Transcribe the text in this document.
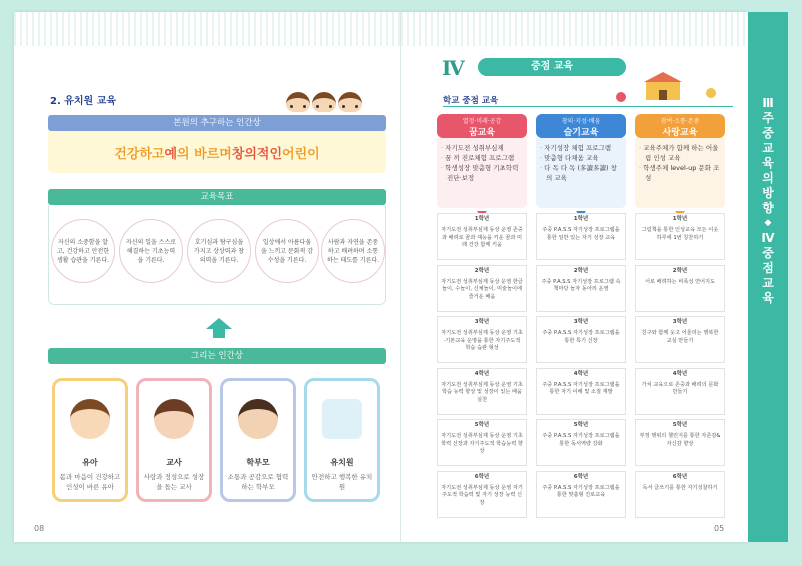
2. 유치원 교육
본원의 추구하는 인간상
건강하고 예 의 바르며 창의적인 어린이
교육목표
자신의 소중함을 알고, 건강하고 안전한 생활 습관을 기른다.
자신의 일을 스스로 해결하는 기초능력을 기른다.
호기심과 탐구심을 가지고 상상력과 창의력을 기른다.
일상에서 아름다움을 느끼고 문화적 감수성을 기른다.
사람과 자연을 존중하고 배려하며 소통하는 태도를 기른다.
그리는 인간상
유아
몸과 마음이 건강하고 인성이 바른 유아
교사
사랑과 정성으로 성장을 돕는 교사
학부모
소통과 공감으로 협력하는 학부모
유치원
안전하고 행복한 유치원
08
Ⅳ	중점 교육
학교 중점 교육
열정·미래·공감
꿈교육
· 자기도전 성취부심제
· 꿈 끼 진로체험 프로그램
· 학생성장 맞춤형 기초학력 진단·보정
창의·지성·배움
슬기교육
· 자기성장 체험 프로그램
· 맞춤형 다채움 교육
· 다 독 다 독 (多讀多讀) 창의 교육
참여·소통·존중
사랑교육
· 교육주체가 함께 하는 어울림 인성 교육
· 학생주체 level-up 문화 조성
1학년
자기도전 성취부심제 동상 운영 존중과 배려로 꿈과 재능을 키운 꿈과 미래 건강 함께 키움
1학년
주중 P.A.S.S 자기성장 프로그램을 통한 일반 있는 자기 성장 교육
1학년
그림책을 통한 인성교육 모든 이웃 하루에 1번 칭찬하기
2학년
자기도전 성취부심제 동상 운영 한글놀이, 수놀이, 신체놀이, 미술놀이에 즐거운 배움
2학년
주중 P.A.S.S 자기성장 프로그램 속 책마당 놀자 동아리 운영
2학년
서로 배려하는 비폭성 연어지도
3학년
자기도전 성취부심제 동상 운영 기초·기본교육 운영을 통한 자기주도적 학습 습관 형성
3학년
주중 P.A.S.S 자기성장 프로그램을 통한 특기 신장
3학년
친구와 함께 웃고 어울리는 행복한 교실 만들기
4학년
자기도전 성취부심제 동상 운영 기초학습 능력 향상 및 성장이 있는 배움 실천
4학년
주중 P.A.S.S 자기성장 프로그램을 통한 자기 이해 및 소질 계발
4학년
가치 교육으로 존중과 배려의 문화 만들기
5학년
자기도전 성취부심제 동상 운영 기초학력 신장과 자기주도적 학습능력 향상
5학년
주중 P.A.S.S 자기성장 프로그램을 통한 독서역량 강화
5학년
부정 행위의 챌린지를 통한 자존감&자신감 향상
6학년
자기도전 성취부심제 동상 운영 자기주도적 학습력 및 자기 성장 능력 신장
6학년
주중 P.A.S.S 자기성장 프로그램을 통한 맞춤형 진로교육
6학년
독서 글쓰기를 통한 자기성찰하기
05
Ⅲ
주
중
교
육
의
방
향
◆
Ⅳ
중
점
교
육
